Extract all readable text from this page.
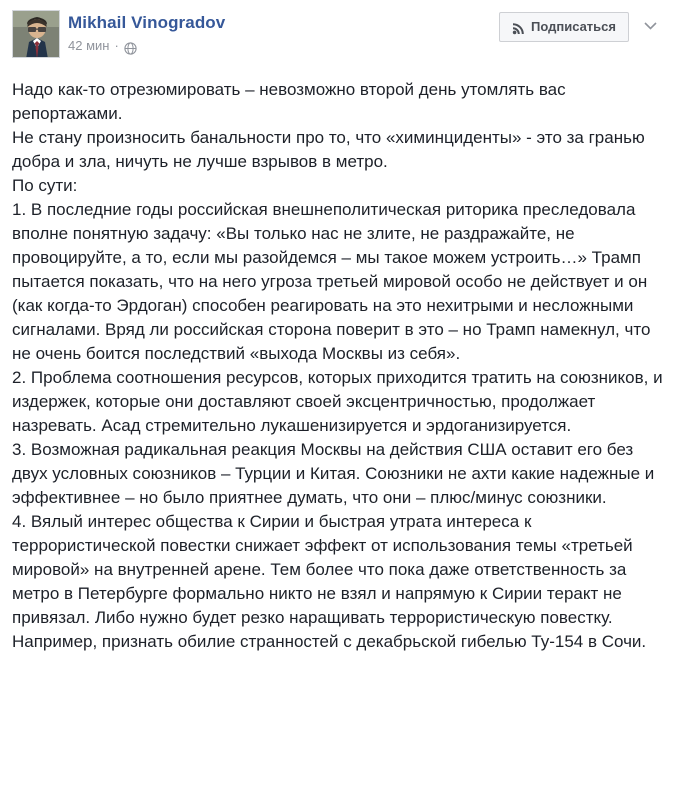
Mikhail Vinogradov
42 мин ·
Подписаться

Надо как-то отрезюмировать – невозможно второй день утомлять вас репортажами.

Не стану произносить банальности про то, что «химинциденты» - это за гранью добра и зла, ничуть не лучше взрывов в метро.

По сути:

1. В последние годы российская внешнеполитическая риторика преследовала вполне понятную задачу: «Вы только нас не злите, не раздражайте, не провоцируйте, а то, если мы разойдемся – мы такое можем устроить…» Трамп пытается показать, что на него угроза третьей мировой особо не действует и он (как когда-то Эрдоган) способен реагировать на это нехитрыми и несложными сигналами. Вряд ли российская сторона поверит в это – но Трамп намекнул, что не очень боится последствий «выхода Москвы из себя».

2. Проблема соотношения ресурсов, которых приходится тратить на союзников, и издержек, которые они доставляют своей эксцентричностью, продолжает назревать. Асад стремительно лукашенизируется и эрдоганизируется.

3. Возможная радикальная реакция Москвы на действия США оставит его без двух условных союзников – Турции и Китая. Союзники не ахти какие надежные и эффективнее – но было приятнее думать, что они – плюс/минус союзники.

4. Вялый интерес общества к Сирии и быстрая утрата интереса к террористической повестки снижает эффект от использования темы «третьей мировой» на внутренней арене. Тем более что пока даже ответственность за метро в Петербурге формально никто не взял и напрямую к Сирии теракт не привязал. Либо нужно будет резко наращивать террористическую повестку. Например, признать обилие странностей с декабрьской гибелью Ту-154 в Сочи.
